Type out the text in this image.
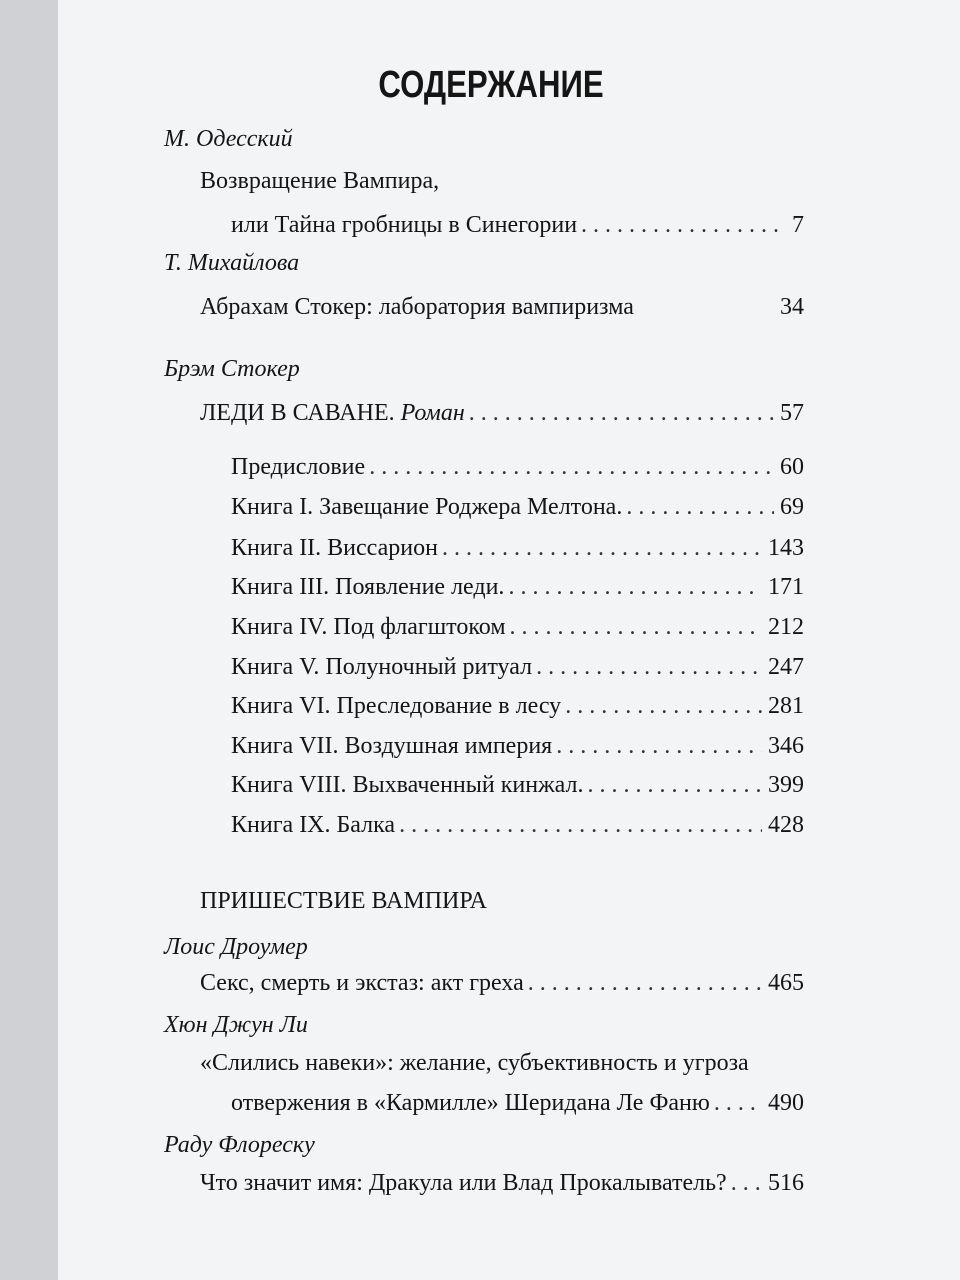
СОДЕРЖАНИЕ
М. Одесский
Возвращение Вампира,
или Тайна гробницы в Синегории . . .	7
Т. Михайлова
Абрахам Стокер: лаборатория вампиризма	34
Брэм Стокер
ЛЕДИ В САВАНЕ. Роман . . .	57
Предисловие . . .	60
Книга I. Завещание Роджера Мелтона. . . .	69
Книга II. Виссарион . . .	143
Книга III. Появление леди. . . .	171
Книга IV. Под флагштоком . . .	212
Книга V. Полуночный ритуал . . .	247
Книга VI. Преследование в лесу . . .	281
Книга VII. Воздушная империя . . .	346
Книга VIII. Выхваченный кинжал. . . .	399
Книга IX. Балка . . .	428
ПРИШЕСТВИЕ ВАМПИРА
Лоис Дроумер
Секс, смерть и экстаз: акт греха . . .	465
Хюн Джун Ли
«Слились навеки»: желание, субъективность и угроза
отвержения в «Кармилле» Шеридана Ле Фаню . . . 490
Раду Флореску
Что значит имя: Дракула или Влад Прокалыватель? . . . 516
